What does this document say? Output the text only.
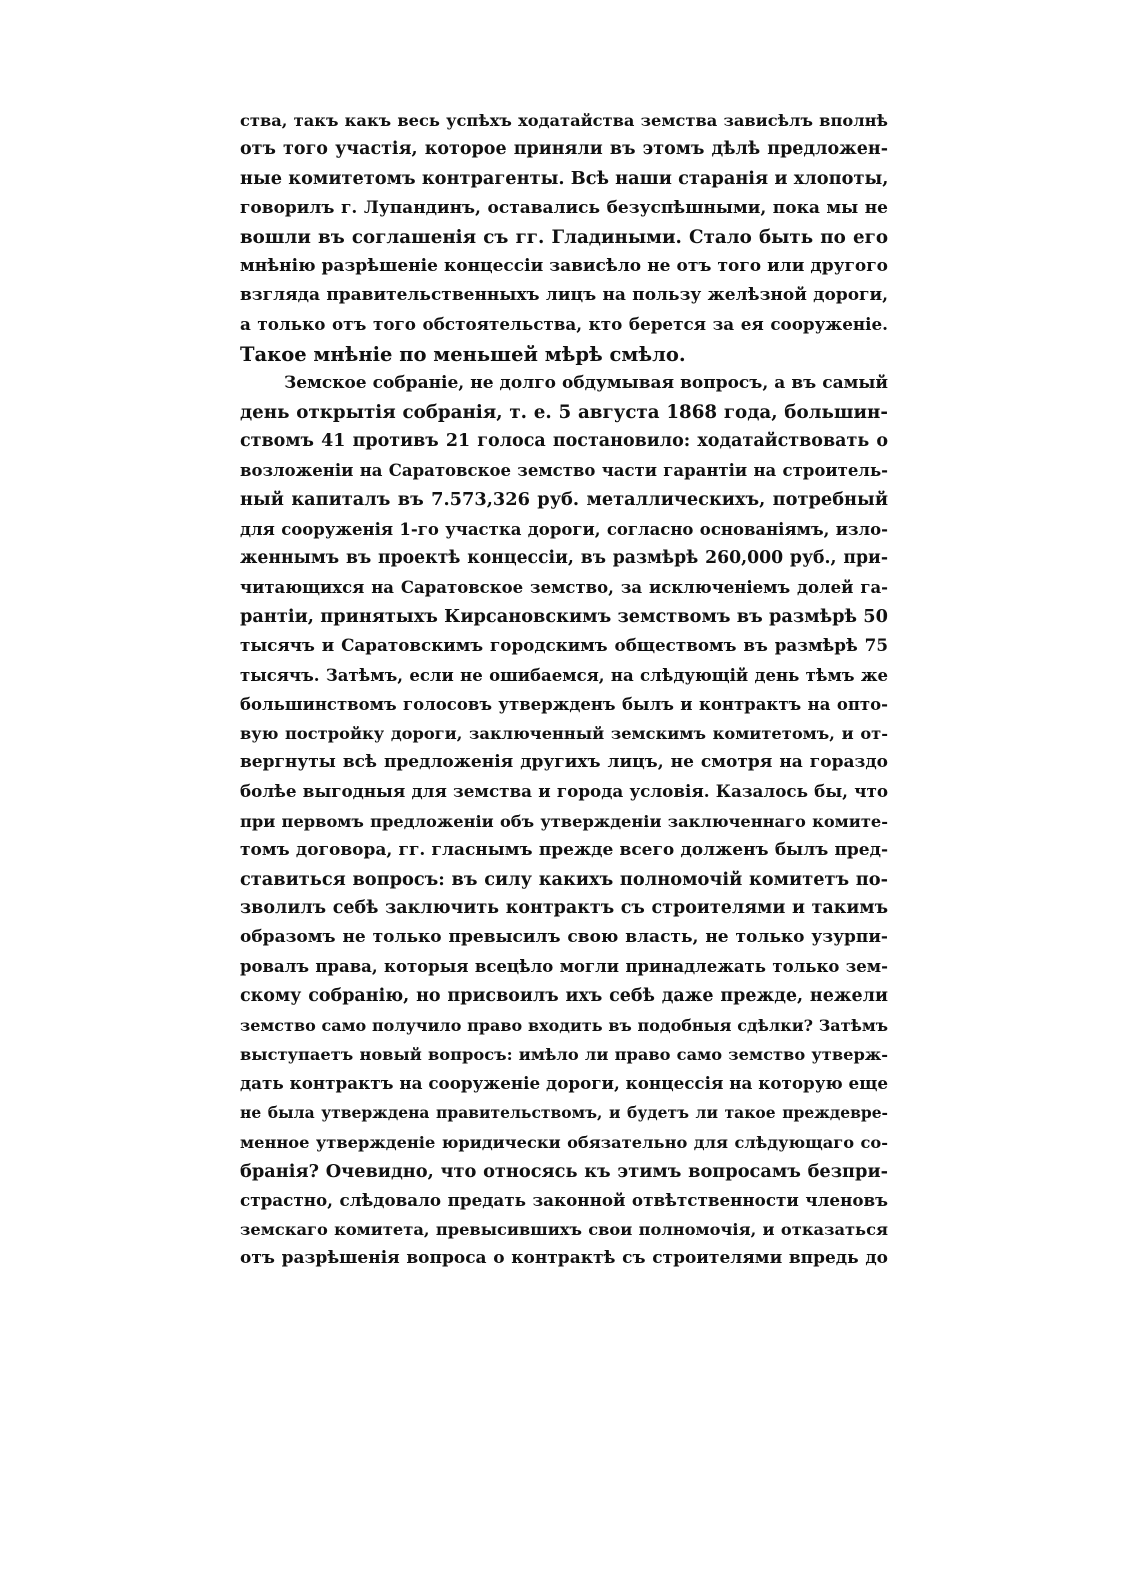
ства, такъ какъ весь успѣхъ ходатайства земства зависѣлъ вполнѣ
отъ того участія, которое приняли въ этомъ дѣлѣ предложен-
ные комитетомъ контрагенты. Всѣ наши старанія и хлопоты,
говорилъ г. Лупандинъ, оставались безуспѣшными, пока мы не
вошли въ соглашенія съ гг. Гладиными. Стало быть по его
мнѣнію разрѣшеніе концессіи зависѣло не отъ того или другого
взгляда правительственныхъ лицъ на пользу желѣзной дороги,
а только отъ того обстоятельства, кто берется за ея сооруженіе.
Такое мнѣніе по меньшей мѣрѣ смѣло.
Земское собраніе, не долго обдумывая вопросъ, а въ самый
день открытія собранія, т. е. 5 августа 1868 года, большин-
ствомъ 41 противъ 21 голоса постановило: ходатайствовать о
возложеніи на Саратовское земство части гарантіи на строитель-
ный капиталъ въ 7.573,326 руб. металлическихъ, потребный
для сооруженія 1-го участка дороги, согласно основаніямъ, изло-
женнымъ въ проектѣ концессіи, въ размѣрѣ 260,000 руб., при-
читающихся на Саратовское земство, за исключеніемъ долей га-
рантіи, принятыхъ Кирсановскимъ земствомъ въ размѣрѣ 50
тысячъ и Саратовскимъ городскимъ обществомъ въ размѣрѣ 75
тысячъ. Затѣмъ, если не ошибаемся, на слѣдующій день тѣмъ же
большинствомъ голосовъ утвержденъ былъ и контрактъ на опто-
вую постройку дороги, заключенный земскимъ комитетомъ, и от-
вергнуты всѣ предложенія другихъ лицъ, не смотря на гораздо
болѣе выгодныя для земства и города условія. Казалось бы, что
при первомъ предложеніи объ утвержденіи заключеннаго комите-
томъ договора, гг. гласнымъ прежде всего долженъ былъ пред-
ставиться вопросъ: въ силу какихъ полномочій комитетъ по-
зволилъ себѣ заключить контрактъ съ строителями и такимъ
образомъ не только превысилъ свою власть, не только узурпи-
ровалъ права, которыя всецѣло могли принадлежать только зем-
скому собранію, но присвоилъ ихъ себѣ даже прежде, нежели
земство само получило право входить въ подобныя сдѣлки? Затѣмъ
выступаетъ новый вопросъ: имѣло ли право само земство утверж-
дать контрактъ на сооруженіе дороги, концессія на которую еще
не была утверждена правительствомъ, и будетъ ли такое преждевре-
менное утвержденіе юридически обязательно для слѣдующаго со-
бранія? Очевидно, что относясь къ этимъ вопросамъ безпри-
страстно, слѣдовало предать законной отвѣтственности членовъ
земскаго комитета, превысившихъ свои полномочія, и отказаться
отъ разрѣшенія вопроса о контрактѣ съ строителями впредь до
